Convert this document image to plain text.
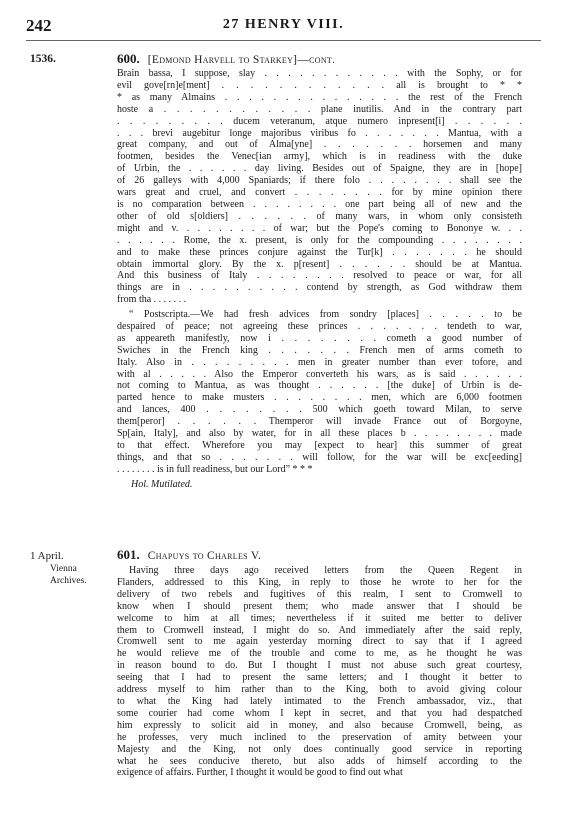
242	27 HENRY VIII.
1536.	600. [Edmond Harvell to Starkey]—cont.
Brain bassa, I suppose, slay . . . . . . . . . . . . with the Sophy, or for
evil gove[rn]e[ment] . . . . . . . . . . . . all is brought to * *
* as many Almains . . . . . . . . . . . . . . . the rest of the French
hoste a . . . . . . . . . . . . plane inutilis. And in the contrary part
. . . . . . . . . ducem veteranum, atque numero inpresent[i] . . . . . .
. . . brevi augebitur longe majoribus viribus fo . . . . . . . Mantua, with a
great company, and out of Alma[yne] . . . . . . . horsemen and many
footmen, besides the Venec[ian army], which is in readiness with the duke
of Urbin, the . . . . . . day living. Besides out of Spaigne, they are in [hope]
of 26 galleys with 4,000 Spaniards; if there folo . . . . . . . . shall see the
wars great and cruel, and convert . . . . . . . . for by mine opinion there
is no comparation between . . . . . . . . one part being all of new and the
other of old s[oldiers] . . . . . . of many wars, in whom only consisteth
might and v. . . . . . . . . of war; but the Pope's coming to Bononye w. . .
. . . . . . Rome, the x. present, is only for the compounding . . . . . . . .
and to make these princes conjure against the Tur[k] . . . . . . . he should
obtain immortal glory. By the x. p[resent] . . . . . . should be at Mantua.
And this business of Italy . . . . . . . . resolved to peace or war, for all
things are in . . . . . . . . . . contend by strength, as God withdraw them
from tha . . . . . . .
“ Postscripta.—We had fresh advices from sondry [places] . . . . . to be
despaired of peace; not agreeing these princes . . . . . . . tendeth to war,
as appeareth manifestly, now i . . . . . . . . cometh a good number of
Swiches in the French king . . . . . . . French men of arms cometh to
Italy. Also in . . . . . . . . . men in greater number than ever tofore, and
with al . . . . . Also the Emperor converteth his wars, as is said . . . . . .
not coming to Mantua, as was thought . . . . . . [the duke] of Urbin is de-
parted hence to make musters . . . . . . . . men, which are 6,000 footmen
and lances, 400 . . . . . . . . 500 which goeth toward Milan, to serve
them[peror] . . . . . . Themperor will invade France out of Borgoyne,
Sp[ain, Italy], and also by water, for in all these places b . . . . . . . . made
to that effect. Wherefore you may [expect to hear] this summer of great
things, and that so . . . . . . . will follow, for the war will be exc[eeding]
. . . . . . . . is in full readiness, but our Lord” * * *
Hol. Mutilated.
1 April.
Vienna
Archives.
601. Chapuys to Charles V.
Having three days ago received letters from the Queen Regent in
Flanders, addressed to this King, in reply to those he wrote to her for the
delivery of two rebels and fugitives of this realm, I sent to Cromwell to
know when I should present them; who made answer that I should be
welcome to him at all times; nevertheless if it suited me better to deliver
them to Cromwell instead, I might do so. And immediately after the said reply,
Cromwell sent to me again yesterday morning direct to say that if I agreed
he would relieve me of the trouble and come to me, as he thought he was
in reason bound to do. But I thought I must not abuse such great courtesy,
seeing that I had to present the same letters; and I thought it better to
address myself to him rather than to the King, both to avoid giving colour
to what the King had lately intimated to the French ambassador, viz., that
some courier had come whom I kept in secret, and that you had despatched
him expressly to solicit aid in money, and also because Cromwell, being, as
he professes, very much inclined to the preservation of amity between your
Majesty and the King, not only does continually good service in reporting
what he sees conducive thereto, but also adds of himself according to the
exigence of affairs. Further, I thought it would be good to find out what
